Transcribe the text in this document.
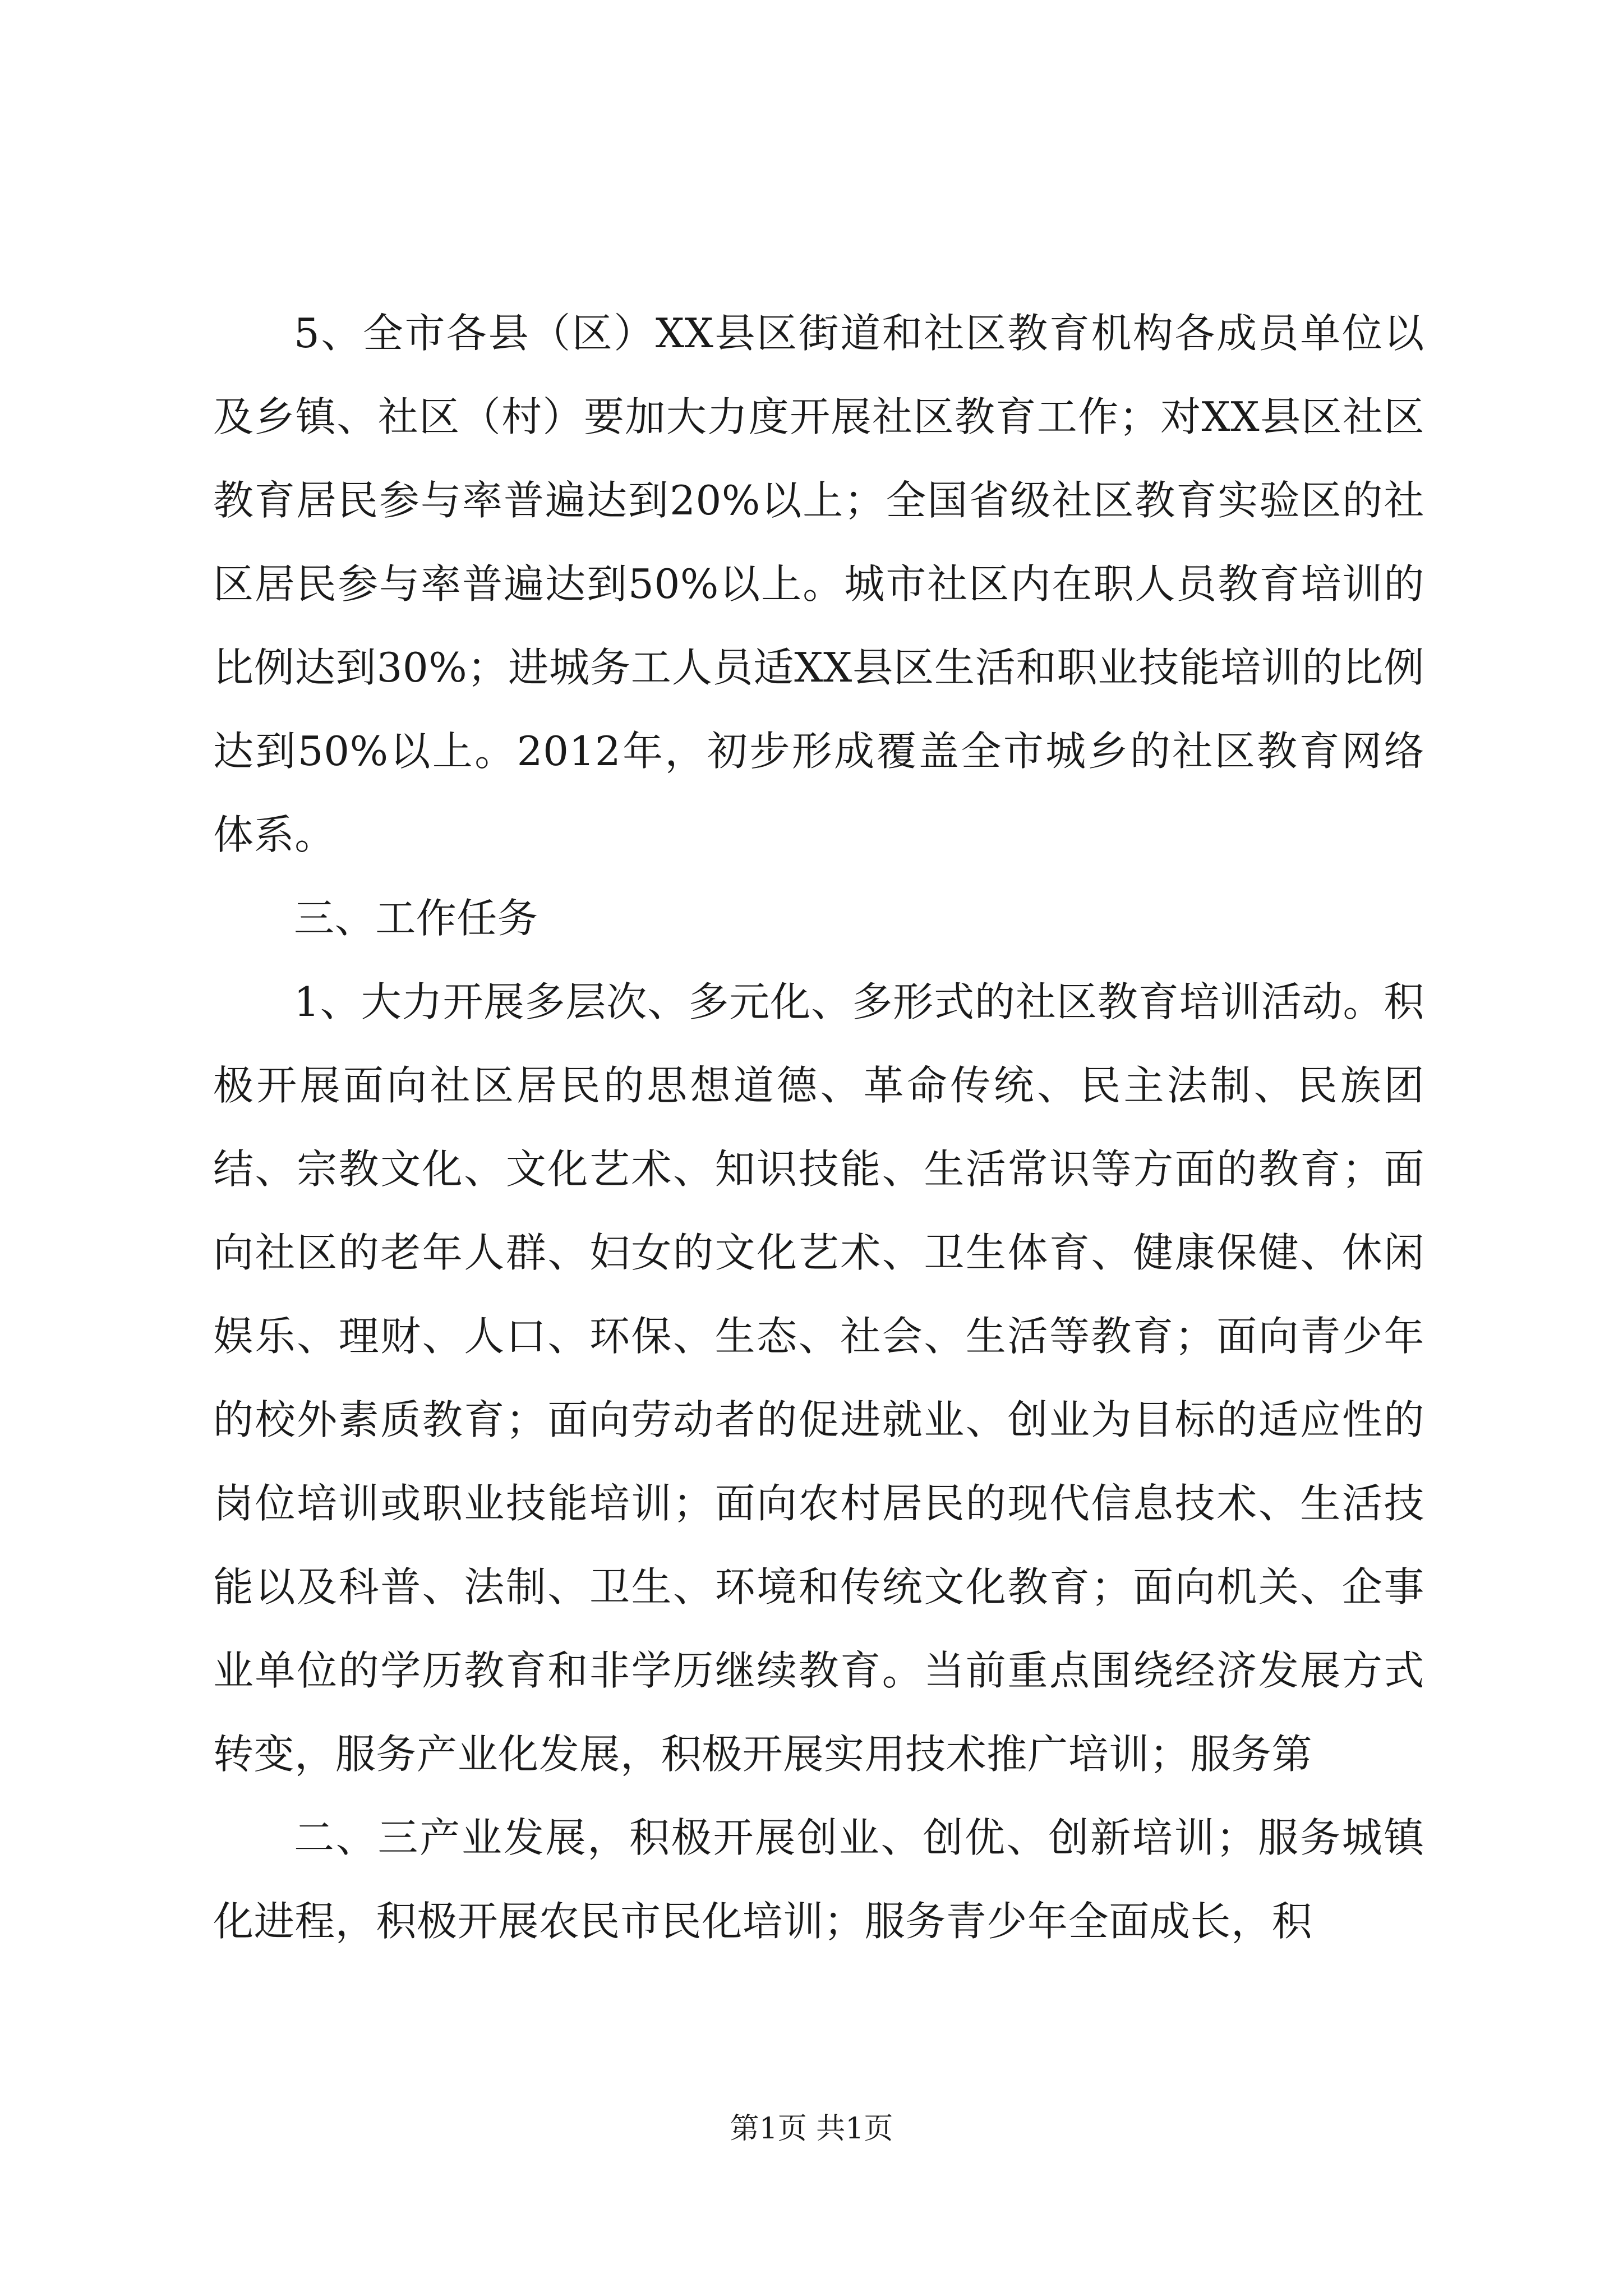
5、全市各县（区）XX县区街道和社区教育机构各成员单位以及乡镇、社区（村）要加大力度开展社区教育工作；对XX县区社区教育居民参与率普遍达到20%以上；全国省级社区教育实验区的社区居民参与率普遍达到50%以上。城市社区内在职人员教育培训的比例达到30%；进城务工人员适XX县区生活和职业技能培训的比例达到50%以上。2012年，初步形成覆盖全市城乡的社区教育网络体系。

三、工作任务

1、大力开展多层次、多元化、多形式的社区教育培训活动。积极开展面向社区居民的思想道德、革命传统、民主法制、民族团结、宗教文化、文化艺术、知识技能、生活常识等方面的教育；面向社区的老年人群、妇女的文化艺术、卫生体育、健康保健、休闲娱乐、理财、人口、环保、生态、社会、生活等教育；面向青少年的校外素质教育；面向劳动者的促进就业、创业为目标的适应性的岗位培训或职业技能培训；面向农村居民的现代信息技术、生活技能以及科普、法制、卫生、环境和传统文化教育；面向机关、企事业单位的学历教育和非学历继续教育。当前重点围绕经济发展方式转变，服务产业化发展，积极开展实用技术推广培训；服务第

二、三产业发展，积极开展创业、创优、创新培训；服务城镇化进程，积极开展农民市民化培训；服务青少年全面成长，积

第1页 共1页
